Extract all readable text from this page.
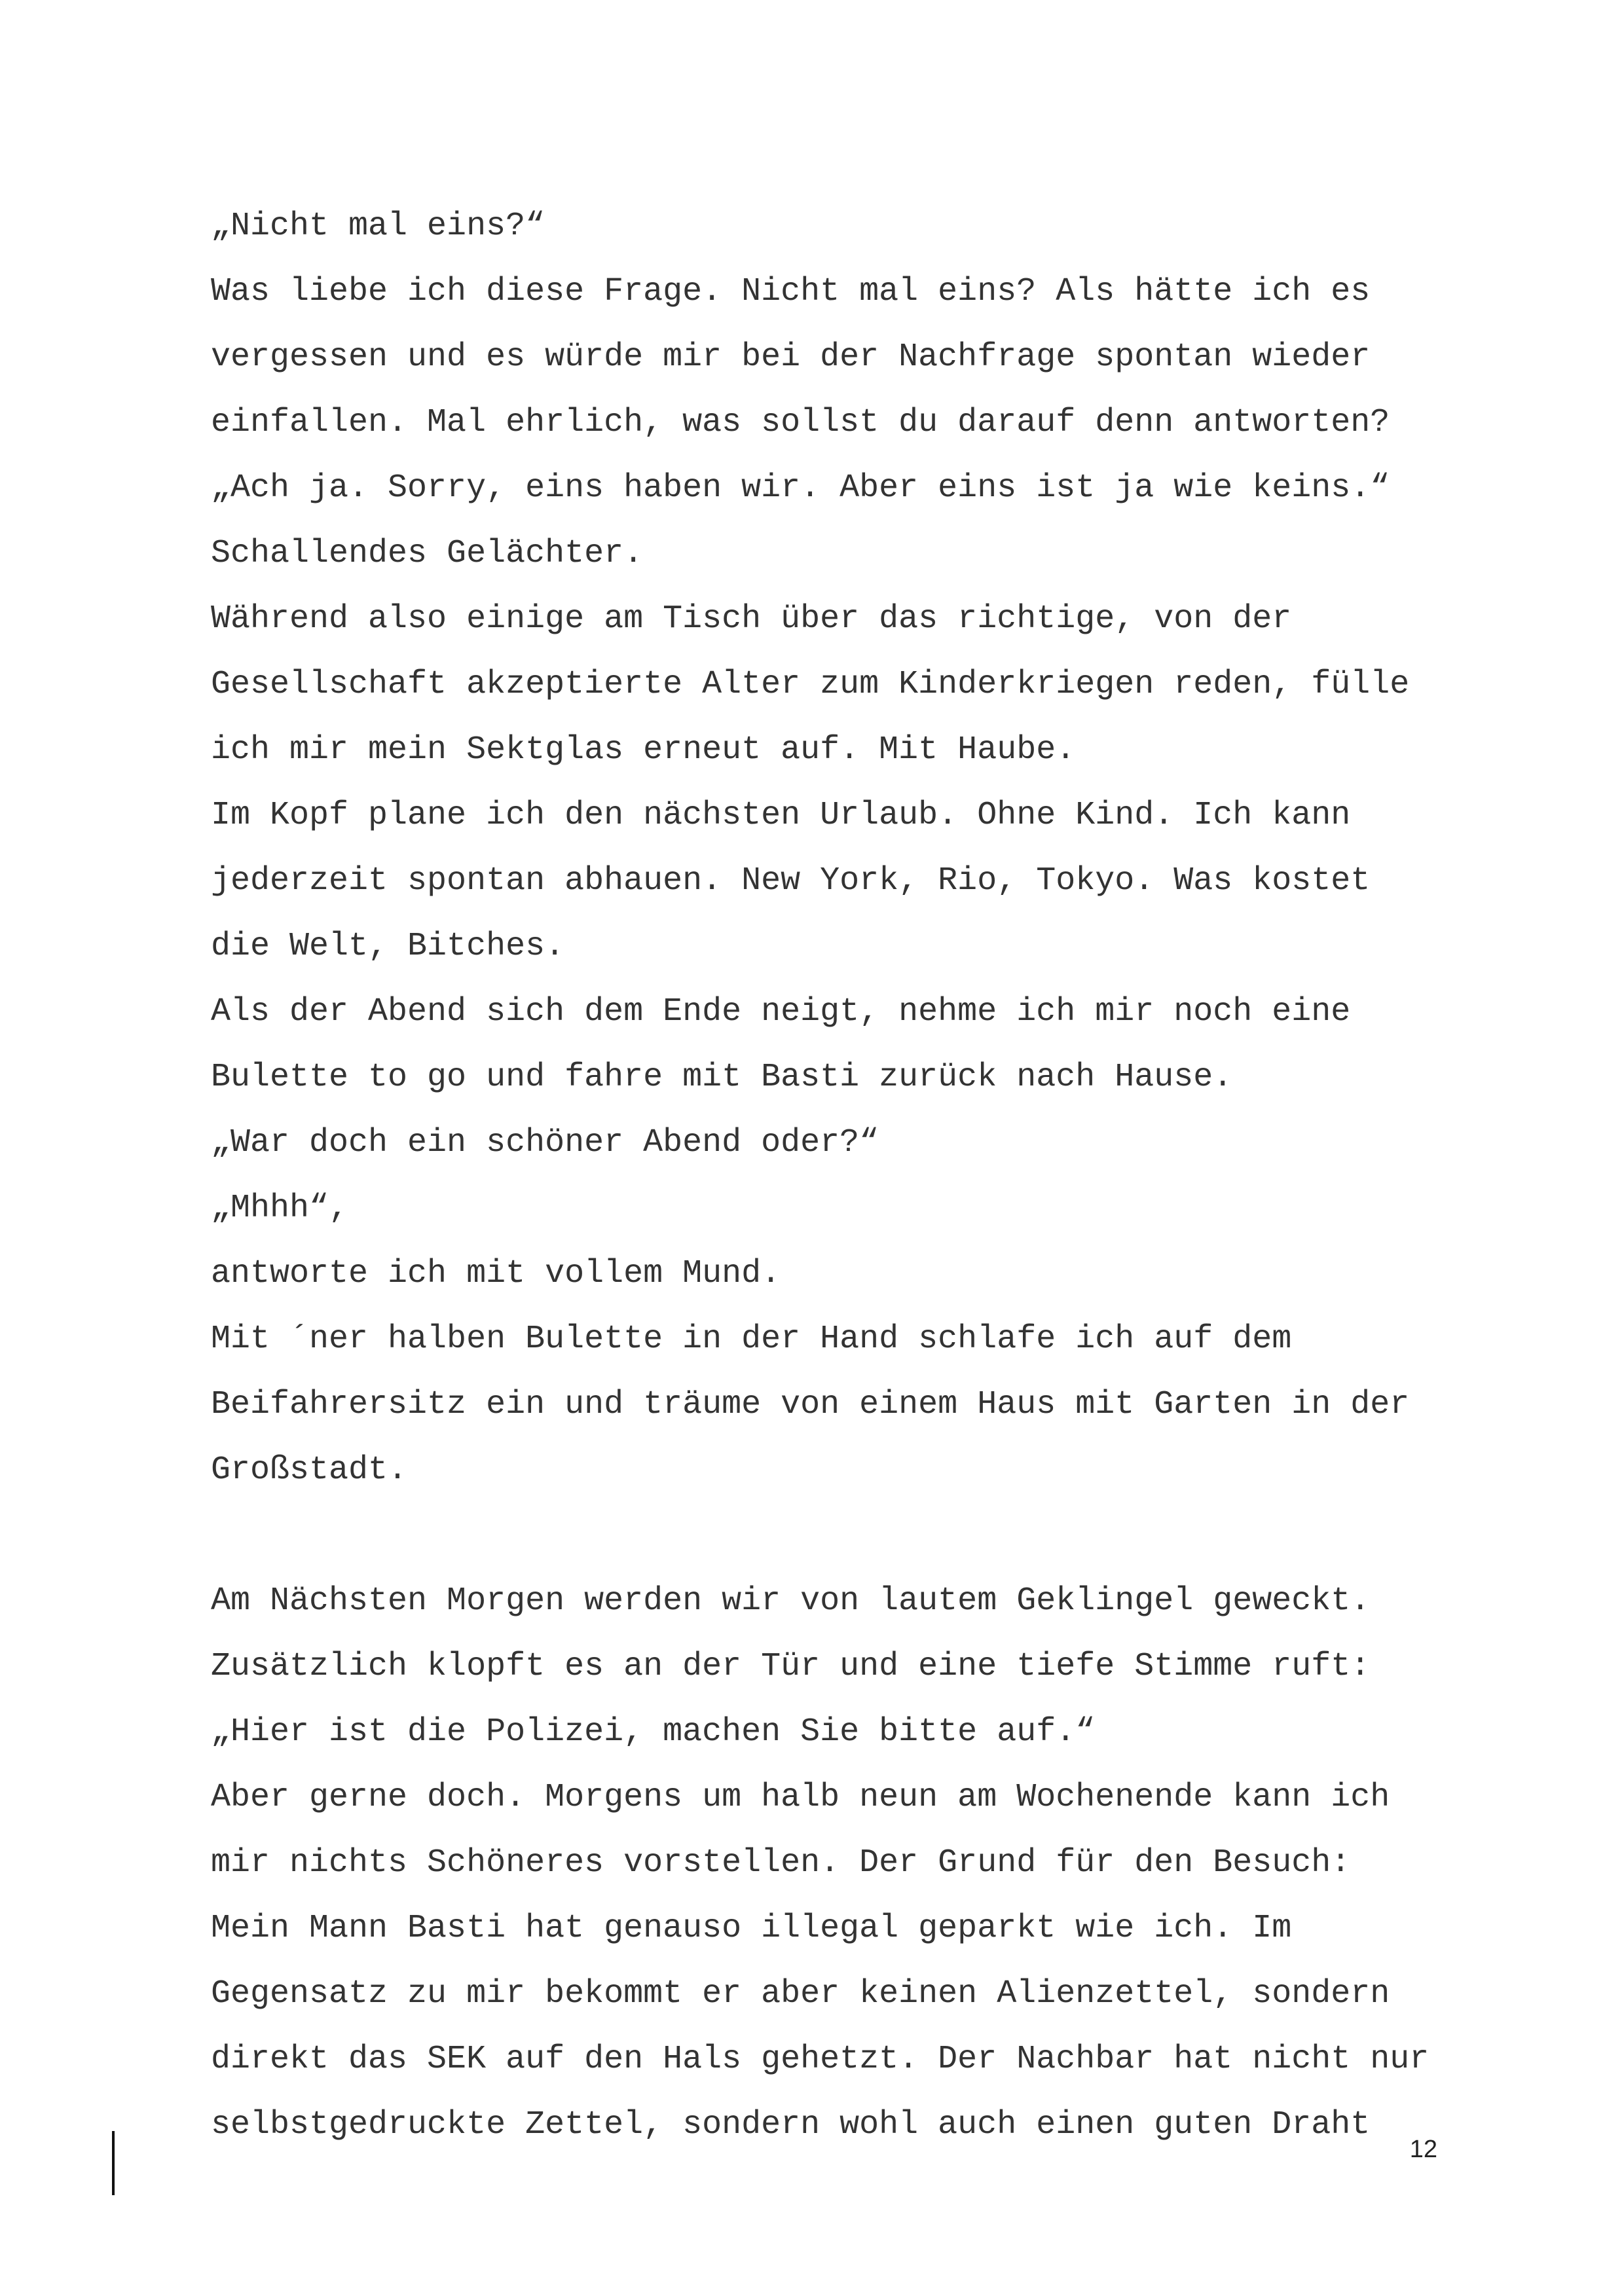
„Nicht mal eins?“
Was liebe ich diese Frage. Nicht mal eins? Als hätte ich es
vergessen und es würde mir bei der Nachfrage spontan wieder
einfallen. Mal ehrlich, was sollst du darauf denn antworten?
„Ach ja. Sorry, eins haben wir. Aber eins ist ja wie keins.“
Schallendes Gelächter.
Während also einige am Tisch über das richtige, von der
Gesellschaft akzeptierte Alter zum Kinderkriegen reden, fülle
ich mir mein Sektglas erneut auf. Mit Haube.
Im Kopf plane ich den nächsten Urlaub. Ohne Kind. Ich kann
jederzeit spontan abhauen. New York, Rio, Tokyo. Was kostet
die Welt, Bitches.
Als der Abend sich dem Ende neigt, nehme ich mir noch eine
Bulette to go und fahre mit Basti zurück nach Hause.
„War doch ein schöner Abend oder?“
„Mhhh“,
antworte ich mit vollem Mund.
Mit ´ner halben Bulette in der Hand schlafe ich auf dem
Beifahrersitz ein und träume von einem Haus mit Garten in der
Großstadt.
Am Nächsten Morgen werden wir von lautem Geklingel geweckt.
Zusätzlich klopft es an der Tür und eine tiefe Stimme ruft:
„Hier ist die Polizei, machen Sie bitte auf.“
Aber gerne doch. Morgens um halb neun am Wochenende kann ich
mir nichts Schöneres vorstellen. Der Grund für den Besuch:
Mein Mann Basti hat genauso illegal geparkt wie ich. Im
Gegensatz zu mir bekommt er aber keinen Alienzettel, sondern
direkt das SEK auf den Hals gehetzt. Der Nachbar hat nicht nur
selbstgedruckte Zettel, sondern wohl auch einen guten Draht
12
